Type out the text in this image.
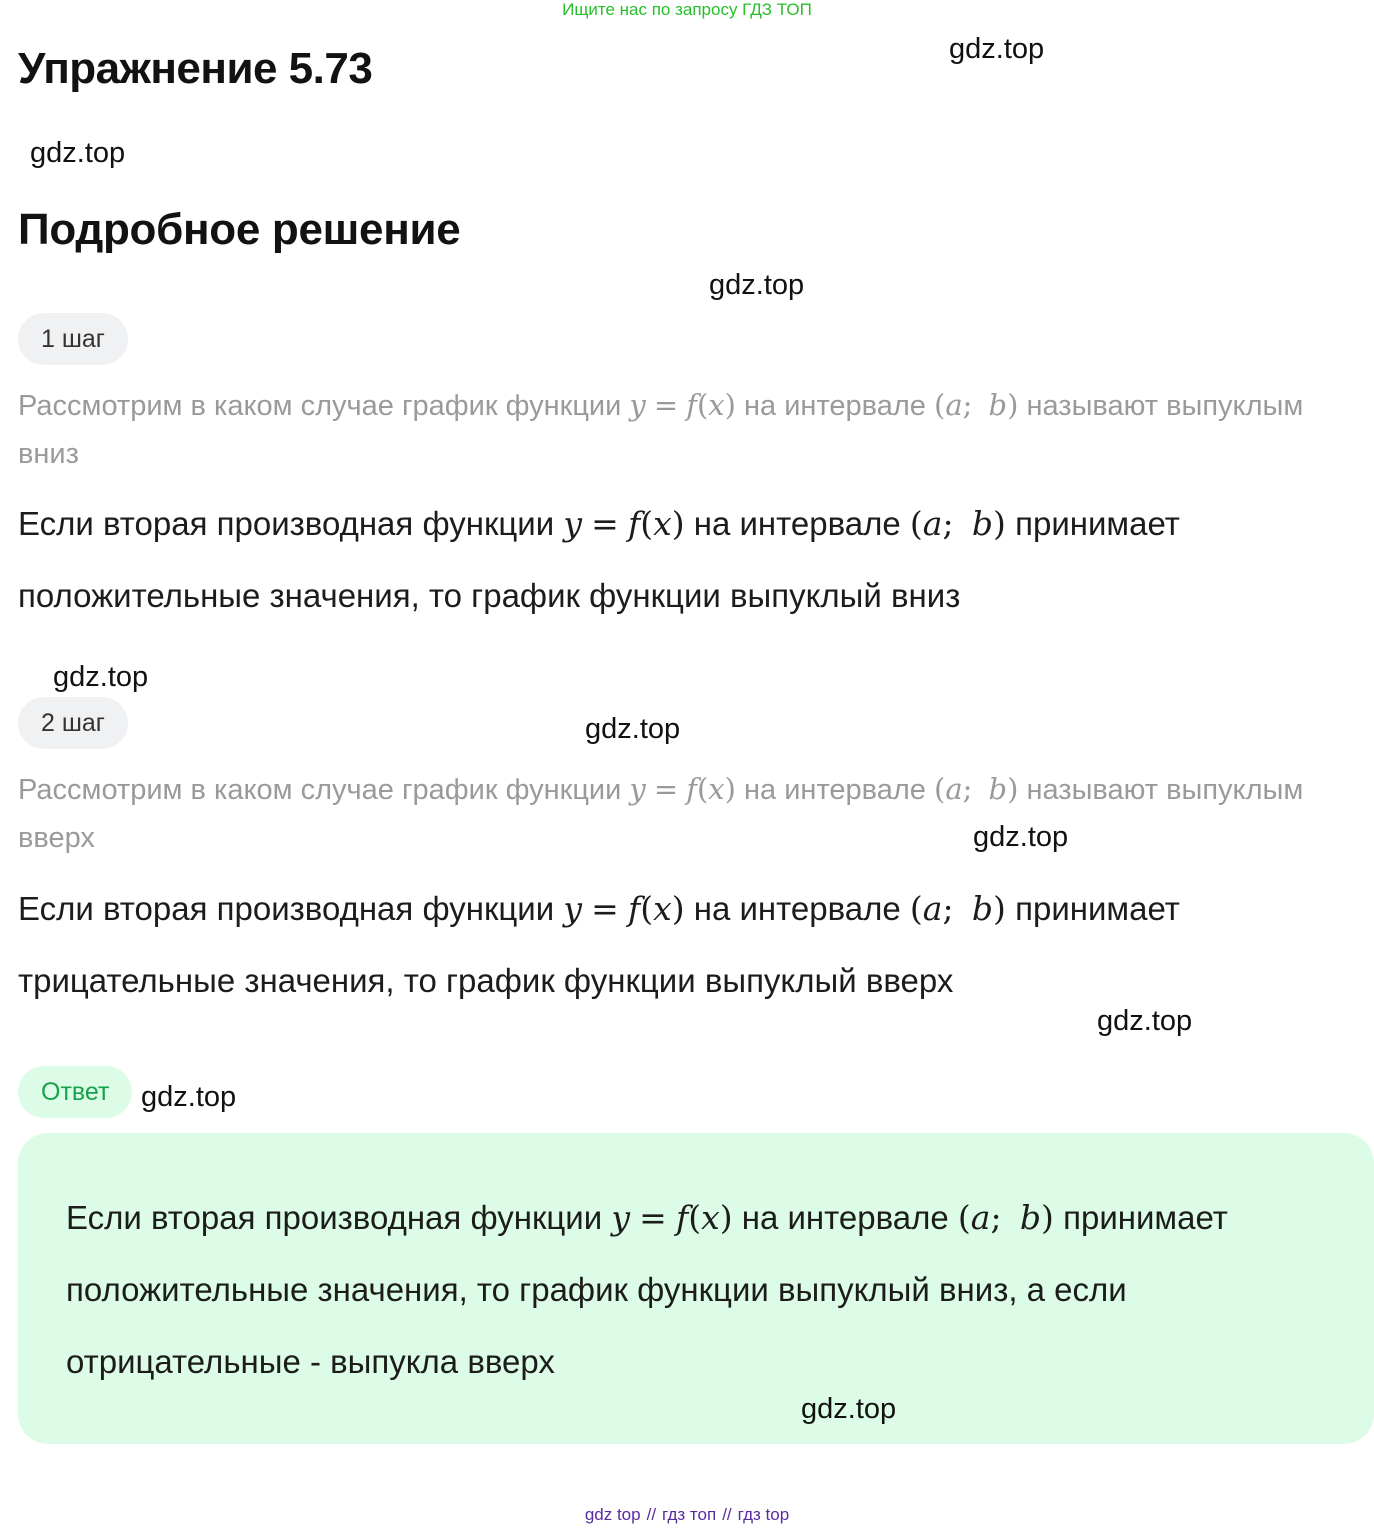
Ищите нас по запросу ГДЗ ТОП
Упражнение 5.73	gdz.top
gdz.top
gdz.top
gdz.top
gdz.top
gdz.top
gdz.top
gdz.top
Подробное решение
1 шаг
Рассмотрим в каком случае график функции y = f(x) на интервале (a; b) называют выпуклым вниз
Если вторая производная функции y = f(x) на интервале (a; b) принимает положительные значения, то график функции выпуклый вниз
2 шаг
Рассмотрим в каком случае график функции y = f(x) на интервале (a; b) называют выпуклым вверх
Если вторая производная функции y = f(x) на интервале (a; b) принимает трицательные значения, то график функции выпуклый вверх
Ответ
Если вторая производная функции y = f(x) на интервале (a; b) принимает положительные значения, то график функции выпуклый вниз, а если отрицательные - выпукла вверх
gdz.top
gdz top // гдз топ // гдз top
